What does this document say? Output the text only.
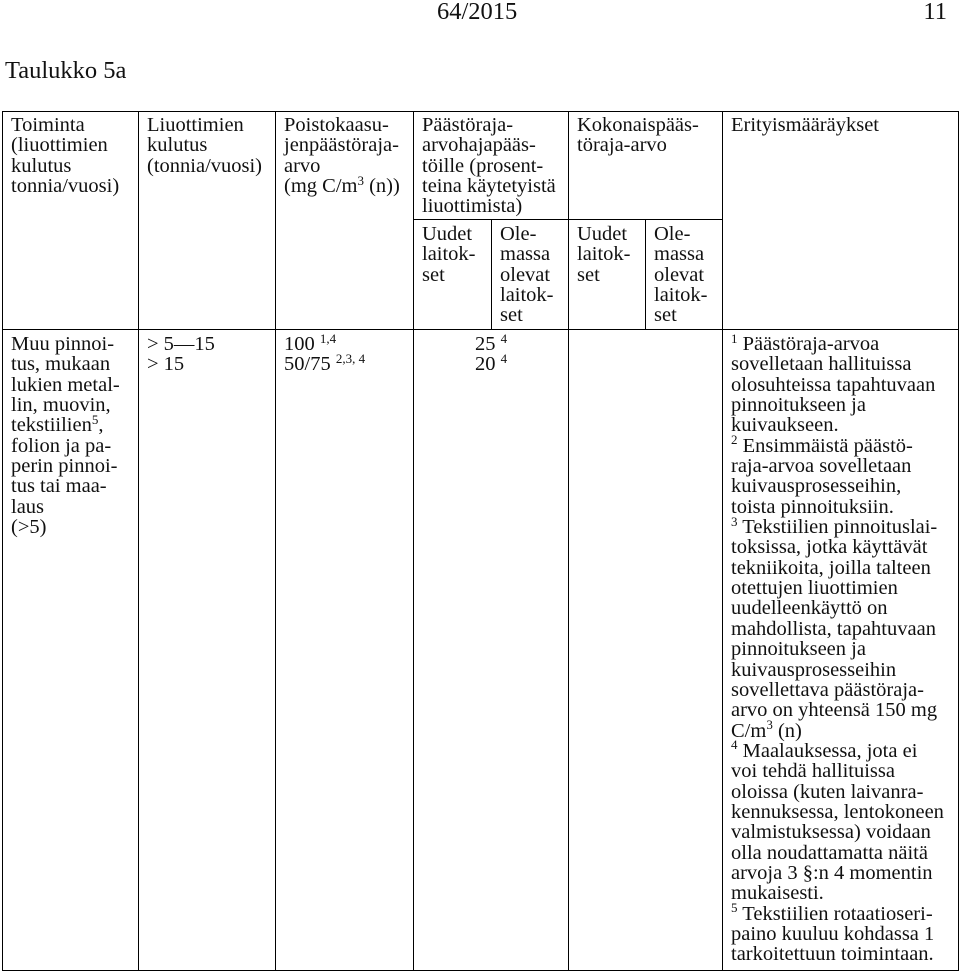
64/2015	11
Taulukko 5a
Toiminta
(liuottimien
kulutus
tonnia/vuosi)
Liuottimien
kulutus
(tonnia/vuosi)
Poistokaasu-
jenpäästöraja-
arvo
(mg $C/m^3$ (n))
Päästöraja-
arvohajapääs-
töille (prosent-
teina käytetyistä
liuottimista)
Kokonaispääs-
töraja-arvo
Erityismääräykset
Uudet
laitok-
set
Ole-
massa
olevat
laitok-
set
Uudet
laitok-
set
Ole-
massa
olevat
laitok-
set
Muu pinnoi-
tus, mukaan
lukien metal-
lin, muovin,
tekstiilien$^5$,
folion ja pa-
perin pinnoi-
tus tai maa-
laus
(>5)
> 5—15
> 15
100 $^{1,4}$
50/75 $^{2,3, 4}$
25 $^4$
20 $^4$
$^1$ Päästöraja-arvoa
sovelletaan hallituissa
olosuhteissa tapahtuvaan
pinnoitukseen ja
kuivaukseen.
$^2$ Ensimmäistä päästö-
raja-arvoa sovelletaan
kuivausprosesseihin,
toista pinnoituksiin.
$^3$ Tekstiilien pinnoituslai-
toksissa, jotka käyttävät
tekniikoita, joilla talteen
otettujen liuottimien
uudelleenkäyttö on
mahdollista, tapahtuvaan
pinnoitukseen ja
kuivausprosesseihin
sovellettava päästöraja-
arvo on yhteensä 150 mg
$C/m^3$ (n)
$^4$ Maalauksessa, jota ei
voi tehdä hallituissa
oloissa (kuten laivanra-
kennuksessa, lentokoneen
valmistuksessa) voidaan
olla noudattamatta näitä
arvoja 3 §:n 4 momentin
mukaisesti.
$^5$ Tekstiilien rotaatioseri-
paino kuuluu kohdassa 1
tarkoitettuun toimintaan.
